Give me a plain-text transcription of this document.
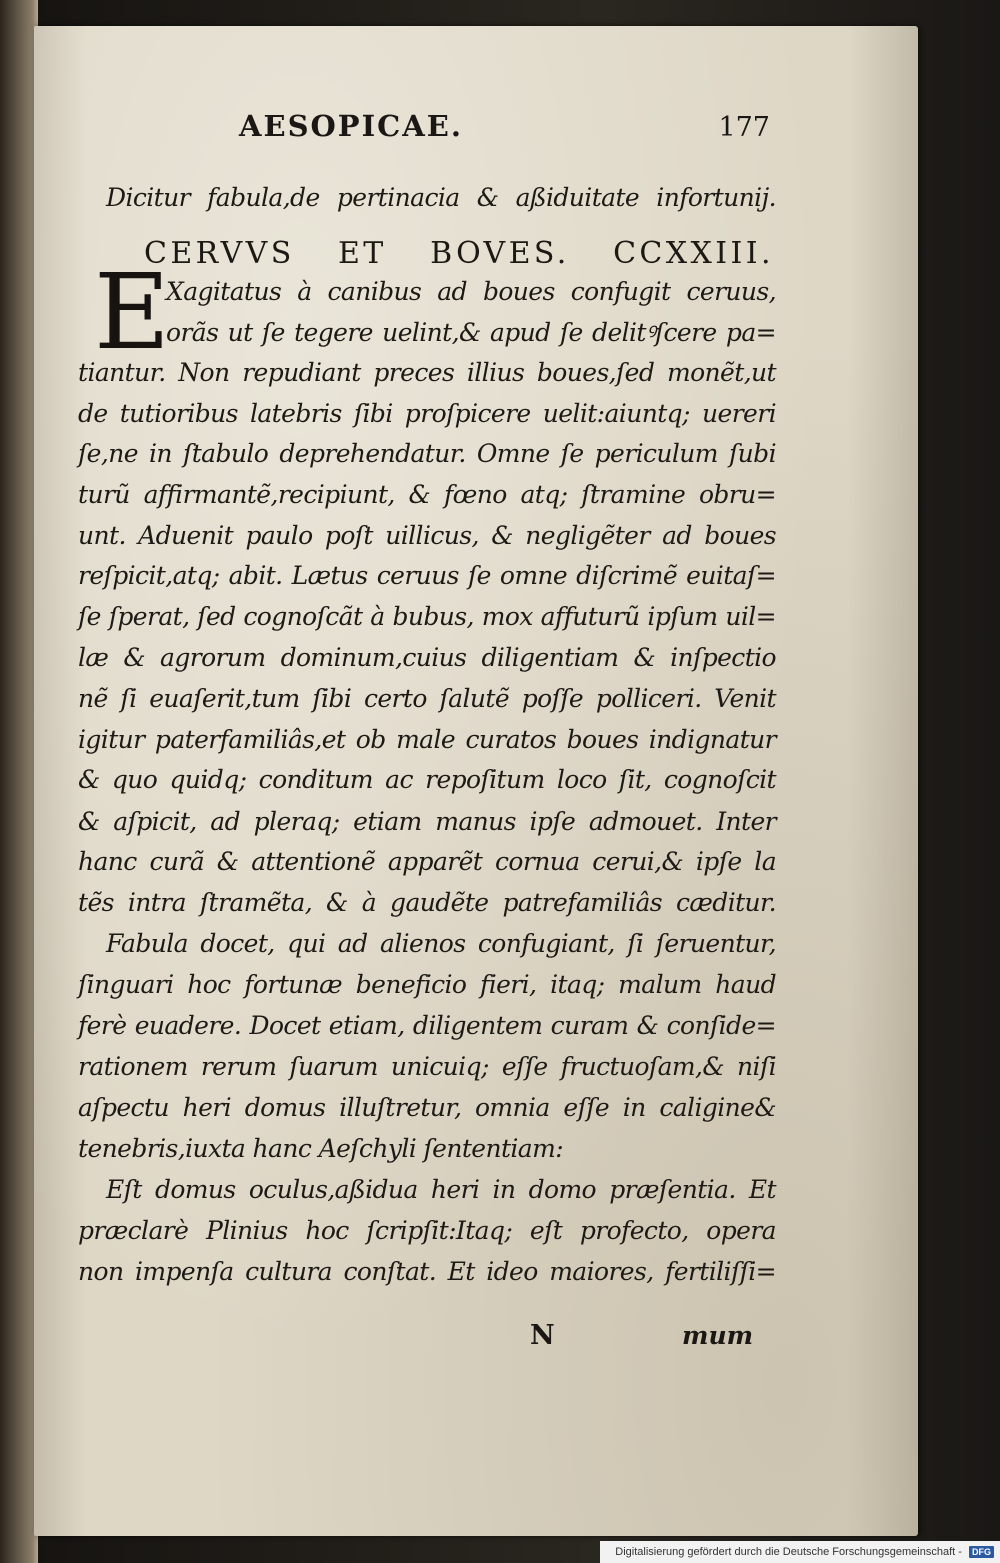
AESOPICAE.	177
E
CERVVS ET BOVES. CCXXIII.
Dicitur fabula,de pertinacia & aßiduitate infortunij.
Xagitatus à canibus ad boues confugit ceruus,
orãs ut ſe tegere uelint,& apud ſe delitꝰſcere pa=
tiantur. Non repudiant preces illius boues,ſed monẽt,ut
de tutioribus latebris ſibi proſpicere uelit:aiuntq; uereri
ſe,ne in ſtabulo deprehendatur. Omne ſe periculum ſubi
turũ affirmantẽ,recipiunt, & fœno atq; ſtramine obru=
unt. Aduenit paulo poſt uillicus, & negligẽter ad boues
reſpicit,atq; abit. Lætus ceruus ſe omne diſcrimẽ euitaſ=
ſe ſperat, ſed cognoſcãt à bubus, mox affuturũ ipſum uil=
læ & agrorum dominum,cuius diligentiam & inſpectio
nẽ ſi euaſerit,tum ſibi certo ſalutẽ poſſe polliceri. Venit
igitur paterfamiliâs,et ob male curatos boues indignatur
& quo quidq; conditum ac repoſitum loco ſit, cognoſcit
& aſpicit, ad pleraq; etiam manus ipſe admouet. Inter
hanc curã & attentionẽ apparẽt cornua cerui,& ipſe la
tẽs intra ſtramẽta, & à gaudẽte patrefamiliâs cæditur.
Fabula docet, qui ad alienos confugiant, ſi ſeruentur,
ſinguari hoc fortunæ beneficio fieri, itaq; malum haud
ferè euadere. Docet etiam, diligentem curam & conſide=
rationem rerum ſuarum unicuiq; eſſe fructuoſam,& niſi
aſpectu heri domus illuſtretur, omnia eſſe in caligine&
tenebris,iuxta hanc Aeſchyli ſententiam:
Eſt domus oculus,aßidua heri in domo præſentia. Et
præclarè Plinius hoc ſcripſit:Itaq; eſt profecto, opera
non impenſa cultura conſtat. Et ideo maiores, fertiliſſi=
N	mum
Digitalisierung gefördert durch die Deutsche Forschungsgemeinschaft - DFG
